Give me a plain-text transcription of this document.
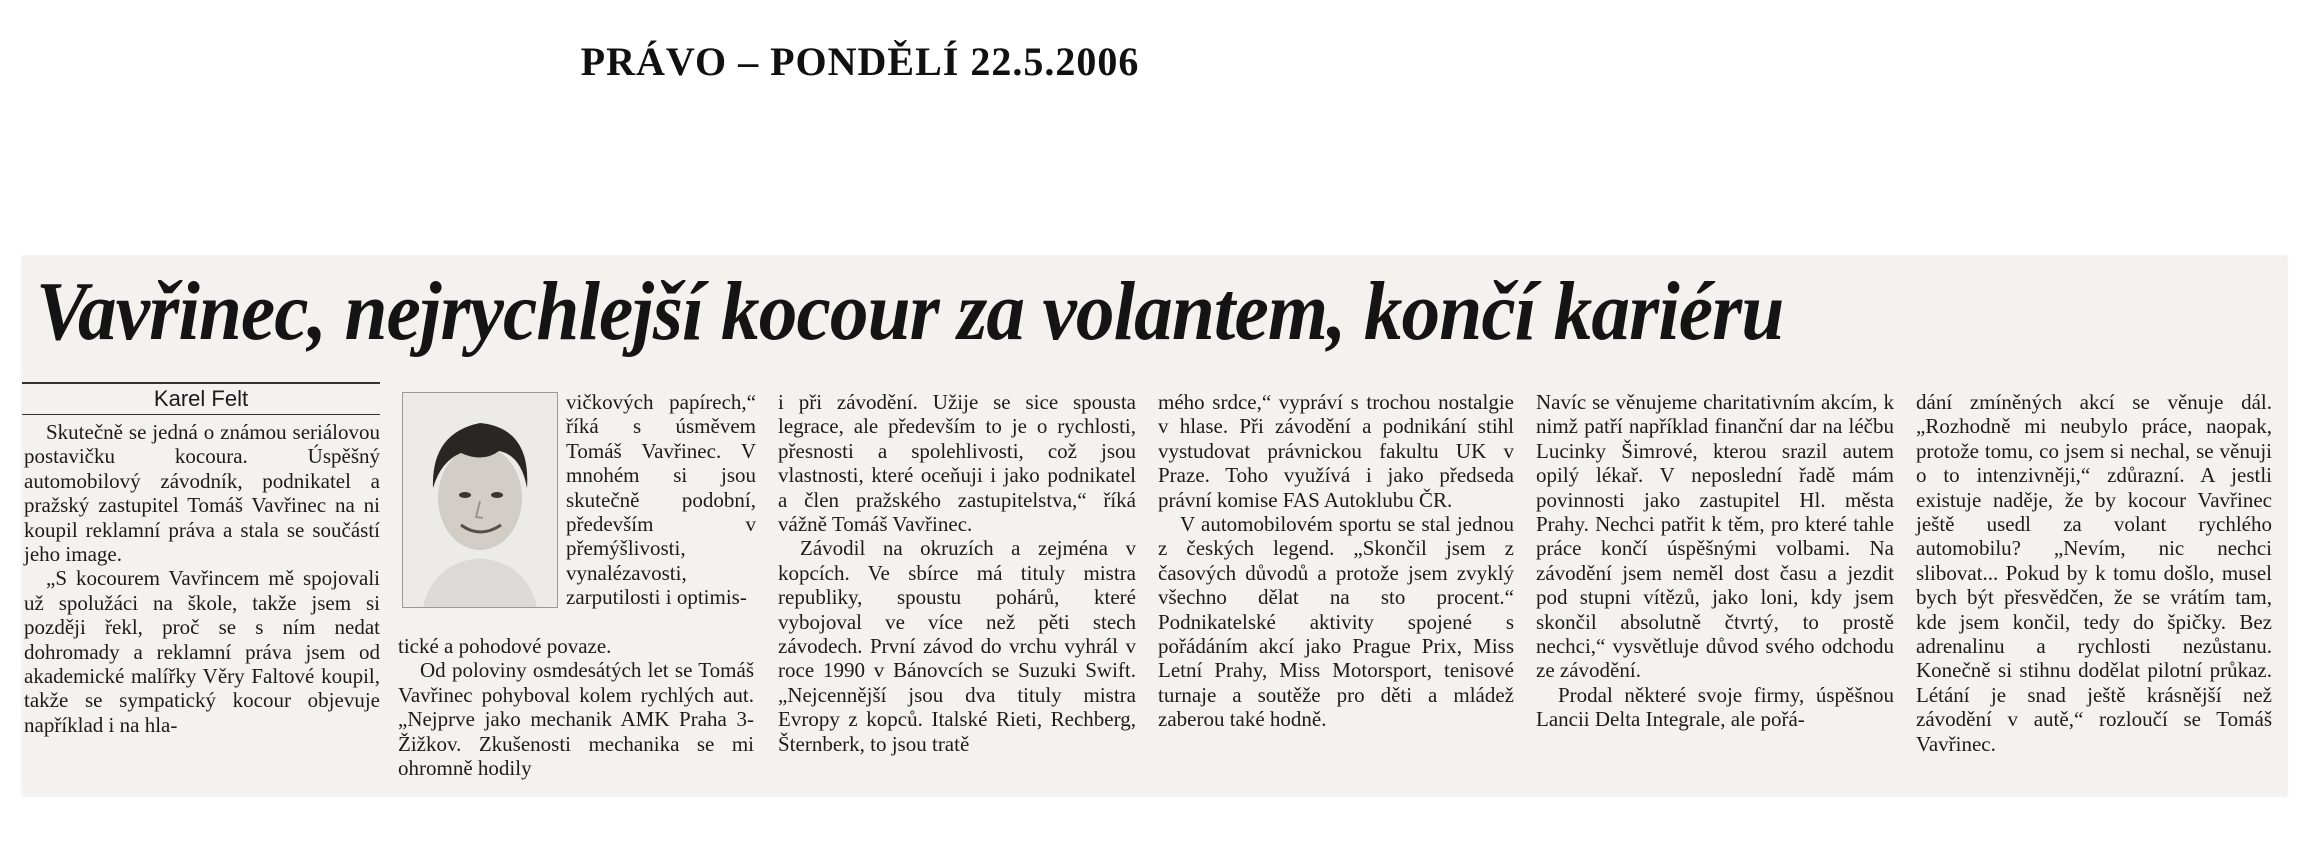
PRÁVO – PONDĚLÍ 22.5.2006
Vavřinec, nejrychlejší kocour za volantem, končí kariéru
Karel Felt

Skutečně se jedná o známou seriálovou postavičku kocoura. Úspěšný automobilový závodník, podnikatel a pražský zastupitel Tomáš Vavřinec na ni koupil reklamní práva a stala se součástí jeho image.

„S kocourem Vavřincem mě spojovali už spolužáci na škole, takže jsem si později řekl, proč se s ním nedat dohromady a reklamní práva jsem od akademické malířky Věry Faltové koupil, takže se sympatický kocour objevuje například i na hla-

vičkových papírech,“ říká s úsměvem Tomáš Vavřinec. V mnohém si jsou skutečně podobní, především v přemýšlivosti, vynalézavosti, zarputilosti i optimis-

tické a pohodové povaze.

Od poloviny osmdesátých let se Tomáš Vavřinec pohyboval kolem rychlých aut. „Nejprve jako mechanik AMK Praha 3-Žižkov. Zkušenosti mechanika se mi ohromně hodily

i při závodění. Užije se sice spousta legrace, ale především to je o rychlosti, přesnosti a spolehlivosti, což jsou vlastnosti, které oceňuji i jako podnikatel a člen pražského zastupitelstva,“ říká vážně Tomáš Vavřinec.

Závodil na okruzích a zejména v kopcích. Ve sbírce má tituly mistra republiky, spoustu pohárů, které vybojoval ve více než pěti stech závodech. První závod do vrchu vyhrál v roce 1990 v Bánovcích se Suzuki Swift. „Nejcennější jsou dva tituly mistra Evropy z kopců. Italské Rieti, Rechberg, Šternberk, to jsou tratě

mého srdce,“ vypráví s trochou nostalgie v hlase. Při závodění a podnikání stihl vystudovat právnickou fakultu UK v Praze. Toho využívá i jako předseda právní komise FAS Autoklubu ČR.

V automobilovém sportu se stal jednou z českých legend. „Skončil jsem z časových důvodů a protože jsem zvyklý všechno dělat na sto procent.“ Podnikatelské aktivity spojené s pořádáním akcí jako Prague Prix, Miss Letní Prahy, Miss Motorsport, tenisové turnaje a soutěže pro děti a mládež zaberou také hodně.

Navíc se věnujeme charitativním akcím, k nimž patří například finanční dar na léčbu Lucinky Šimrové, kterou srazil autem opilý lékař. V neposlední řadě mám povinnosti jako zastupitel Hl. města Prahy. Nechci patřit k těm, pro které tahle práce končí úspěšnými volbami. Na závodění jsem neměl dost času a jezdit pod stupni vítězů, jako loni, kdy jsem skončil absolutně čtvrtý, to prostě nechci,“ vysvětluje důvod svého odchodu ze závodění.

Prodal některé svoje firmy, úspěšnou Lancii Delta Integrale, ale pořá-

dání zmíněných akcí se věnuje dál. „Rozhodně mi neubylo práce, naopak, protože tomu, co jsem si nechal, se věnuji o to intenzivněji,“ zdůrazní. A jestli existuje naděje, že by kocour Vavřinec ještě usedl za volant rychlého automobilu? „Nevím, nic nechci slibovat... Pokud by k tomu došlo, musel bych být přesvědčen, že se vrátím tam, kde jsem končil, tedy do špičky. Bez adrenalinu a rychlosti nezůstanu. Konečně si stihnu dodělat pilotní průkaz. Létání je snad ještě krásnější než závodění v autě,“ rozloučí se Tomáš Vavřinec.
